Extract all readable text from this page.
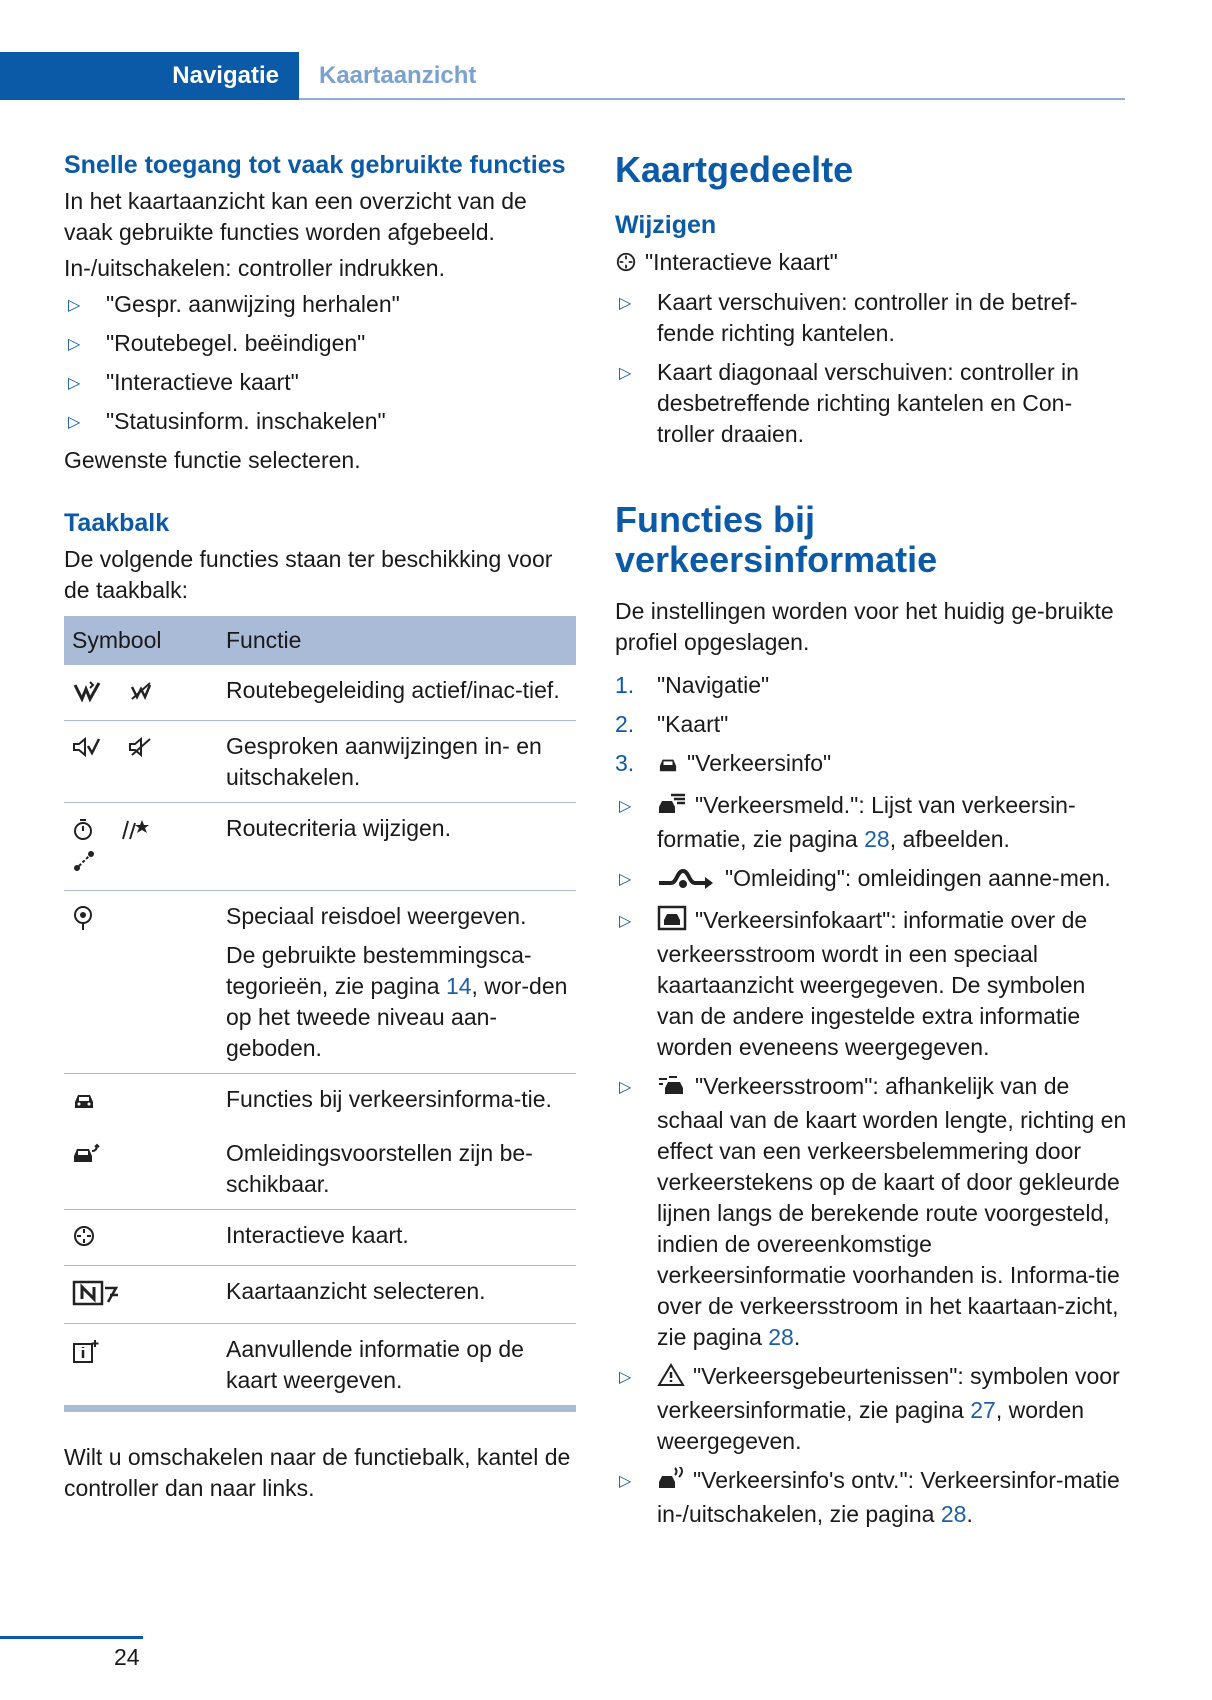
Navigatie	Kaartaanzicht
Snelle toegang tot vaak gebruikte functies
In het kaartaanzicht kan een overzicht van de vaak gebruikte functies worden afgebeeld.
In-/uitschakelen: controller indrukken.
▷ "Gespr. aanwijzing herhalen"
▷ "Routebegel. beëindigen"
▷ "Interactieve kaart"
▷ "Statusinform. inschakelen"
Gewenste functie selecteren.
Taakbalk
De volgende functies staan ter beschikking voor de taakbalk:
Symbool	Functie
	Routebegeleiding actief/inac-tief.
	Gesproken aanwijzingen in- en uitschakelen.
	Routecriteria wijzigen.

Speciaal reisdoel weergeven.

De gebruikte bestemmingsca-tegorieën, zie pagina 14, wor-den op het tweede niveau aan-geboden.

	Functies bij verkeersinforma-tie.
	Omleidingsvoorstellen zijn be-schikbaar.
	Interactieve kaart.
	Kaartaanzicht selecteren.
	Aanvullende informatie op de kaart weergeven.
Wilt u omschakelen naar de functiebalk, kantel de controller dan naar links.
Kaartgedeelte
Wijzigen
"Interactieve kaart"
▷ Kaart verschuiven: controller in de betref-fende richting kantelen.
▷ Kaart diagonaal verschuiven: controller in desbetreffende richting kantelen en Con-troller draaien.
Functies bij verkeersinformatie
De instellingen worden voor het huidig ge-bruikte profiel opgeslagen.
1. "Navigatie"
2. "Kaart"
3. "Verkeersinfo"
▷	"Verkeersmeld.": Lijst van verkeersin-formatie, zie pagina 28, afbeelden.
▷	"Omleiding": omleidingen aanne-men.
▷	"Verkeersinfokaart": informatie over de verkeersstroom wordt in een speciaal kaartaanzicht weergegeven. De symbolen van de andere ingestelde extra informatie worden eveneens weergegeven.
▷	"Verkeersstroom": afhankelijk van de schaal van de kaart worden lengte, richting en effect van een verkeersbelemmering door verkeerstekens op de kaart of door gekleurde lijnen langs de berekende route voorgesteld, indien de overeenkomstige verkeersinformatie voorhanden is. Informa-tie over de verkeersstroom in het kaartaan-zicht, zie pagina 28.
▷	"Verkeersgebeurtenissen": symbolen voor verkeersinformatie, zie pagina 27, worden weergegeven.
▷	"Verkeersinfo's ontv.": Verkeersinfor-matie in-/uitschakelen, zie pagina 28.
24
